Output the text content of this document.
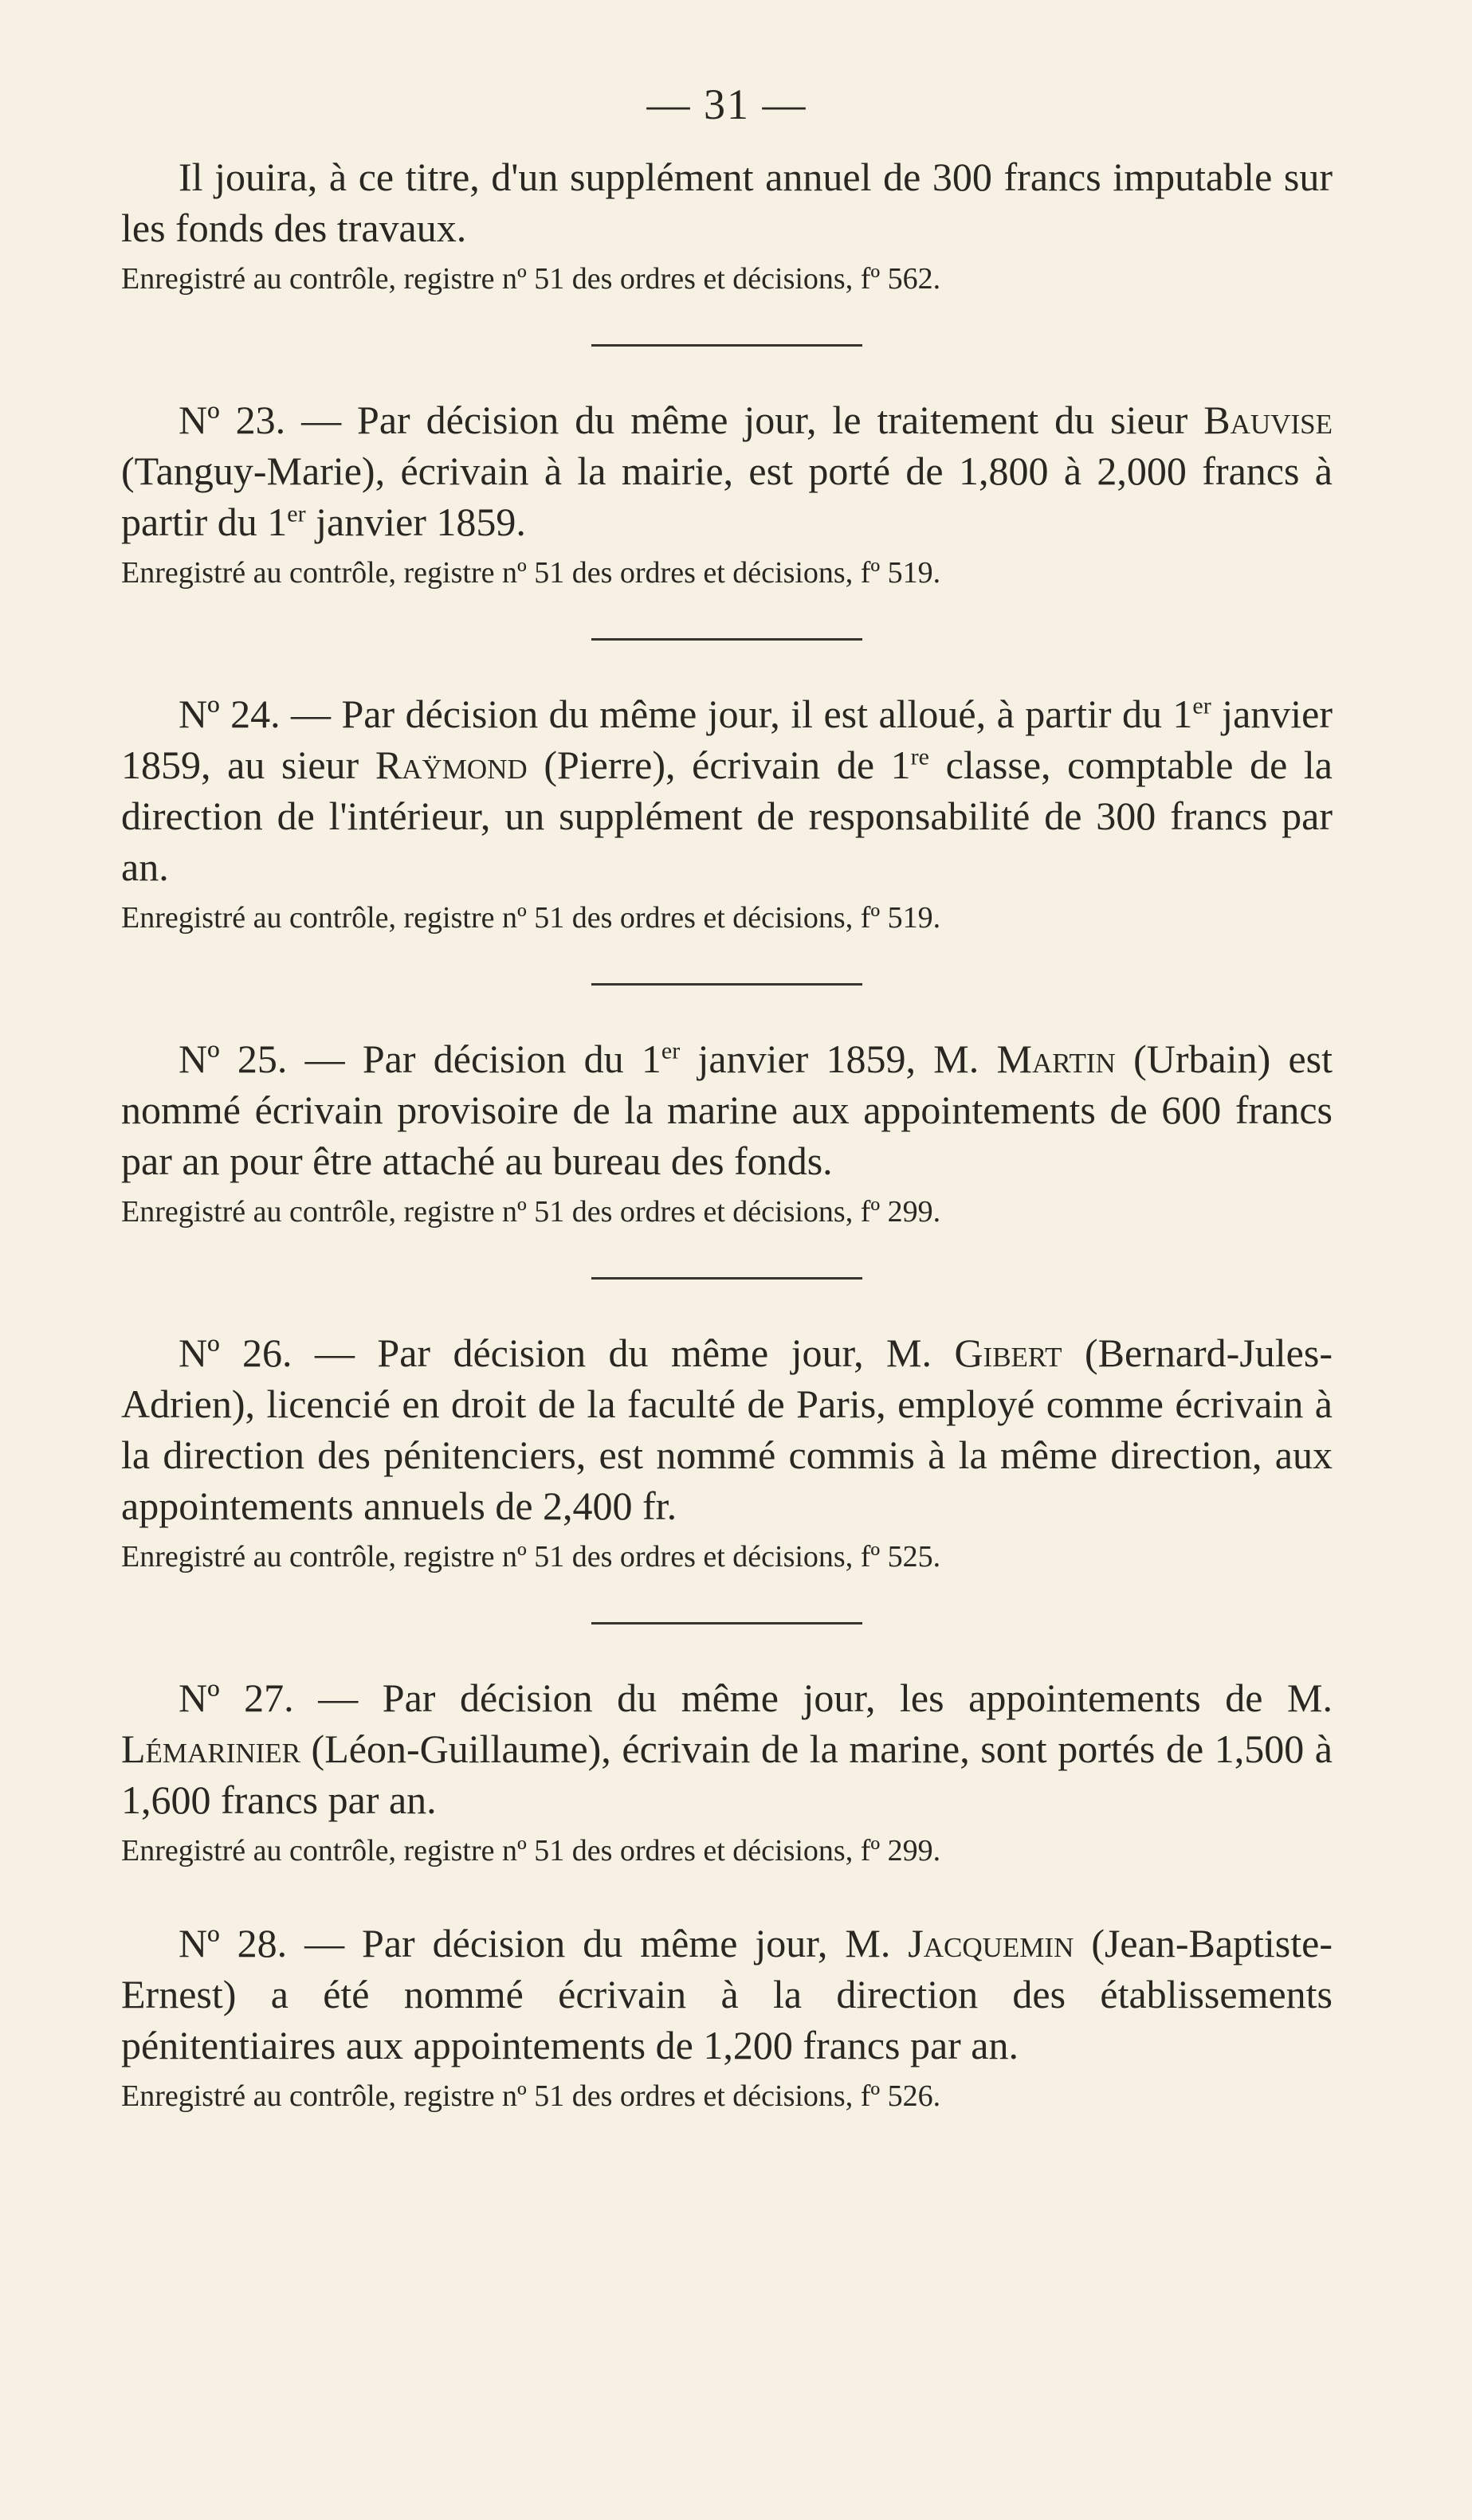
— 31 —

Il jouira, à ce titre, d'un supplément annuel de 300 francs imputable sur les fonds des travaux.

Enregistré au contrôle, registre nº 51 des ordres et décisions, fº 562.

Nº 23. — Par décision du même jour, le traitement du sieur Bauvise (Tanguy-Marie), écrivain à la mairie, est porté de 1,800 à 2,000 francs à partir du 1er janvier 1859.

Enregistré au contrôle, registre nº 51 des ordres et décisions, fº 519.

Nº 24. — Par décision du même jour, il est alloué, à partir du 1er janvier 1859, au sieur Raÿmond (Pierre), écrivain de 1re classe, comptable de la direction de l'intérieur, un supplément de responsabilité de 300 francs par an.

Enregistré au contrôle, registre nº 51 des ordres et décisions, fº 519.

Nº 25. — Par décision du 1er janvier 1859, M. Martin (Urbain) est nommé écrivain provisoire de la marine aux appointements de 600 francs par an pour être attaché au bureau des fonds.

Enregistré au contrôle, registre nº 51 des ordres et décisions, fº 299.

Nº 26. — Par décision du même jour, M. Gibert (Bernard-Jules-Adrien), licencié en droit de la faculté de Paris, employé comme écrivain à la direction des pénitenciers, est nommé commis à la même direction, aux appointements annuels de 2,400 fr.

Enregistré au contrôle, registre nº 51 des ordres et décisions, fº 525.

Nº 27. — Par décision du même jour, les appointements de M. Lémarinier (Léon-Guillaume), écrivain de la marine, sont portés de 1,500 à 1,600 francs par an.

Enregistré au contrôle, registre nº 51 des ordres et décisions, fº 299.

Nº 28. — Par décision du même jour, M. Jacquemin (Jean-Baptiste-Ernest) a été nommé écrivain à la direction des établissements pénitentiaires aux appointements de 1,200 francs par an.

Enregistré au contrôle, registre nº 51 des ordres et décisions, fº 526.
